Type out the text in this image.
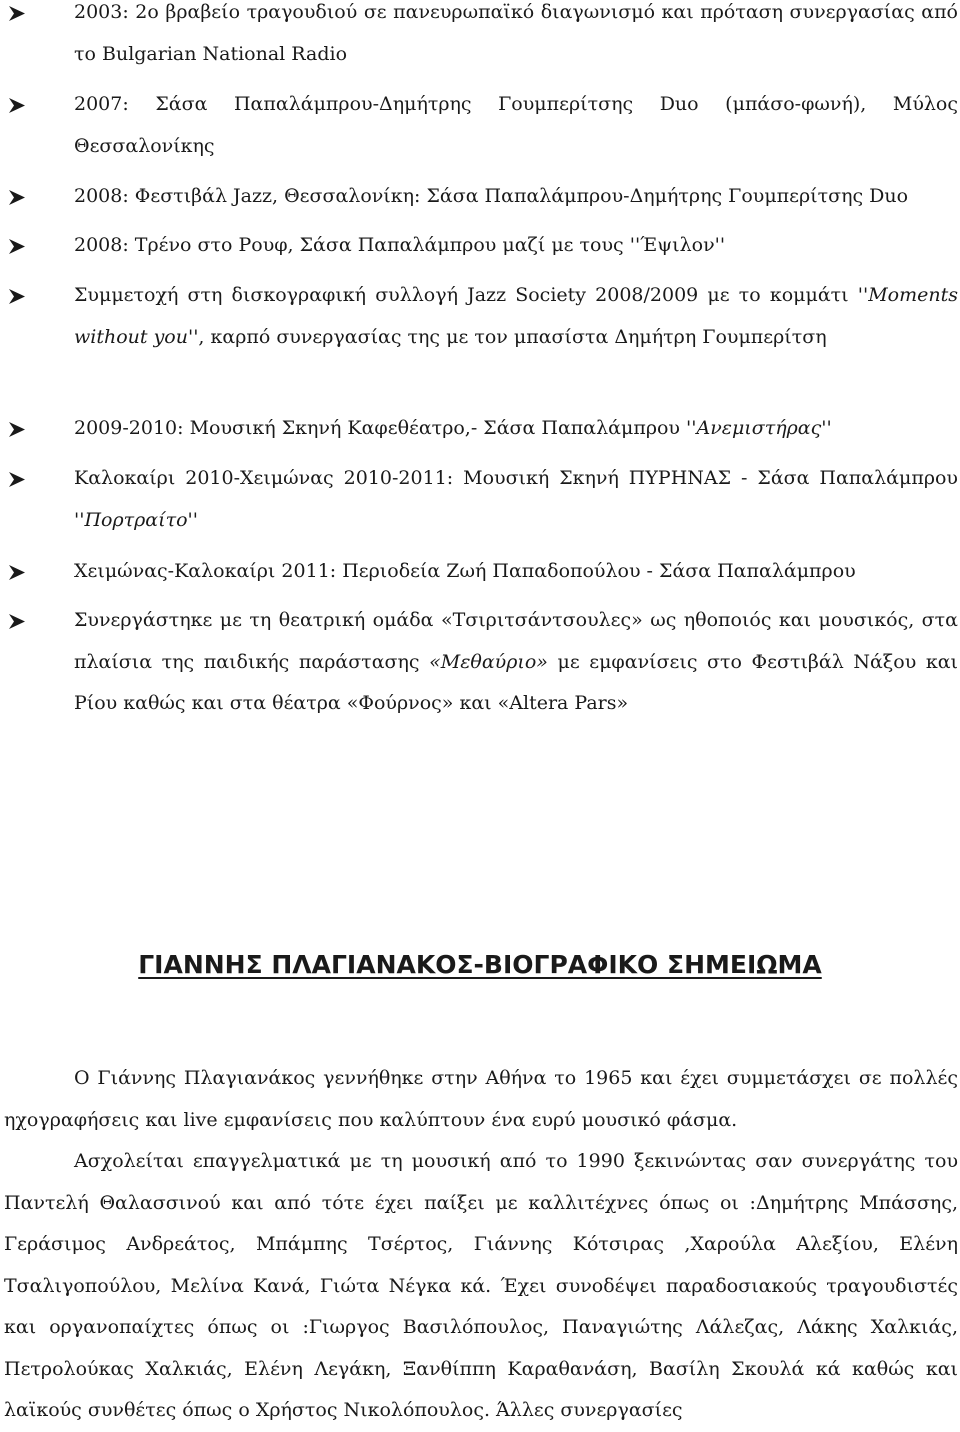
2003: 2ο βραβείο τραγουδιού σε πανευρωπαϊκό διαγωνισμό και πρόταση συνεργασίας από το Bulgarian National Radio
2007: Σάσα Παπαλάμπρου-Δημήτρης Γουμπερίτσης Duo (μπάσο-φωνή), Μύλος Θεσσαλονίκης
2008: Φεστιβάλ Jazz, Θεσσαλονίκη: Σάσα Παπαλάμπρου-Δημήτρης Γουμπερίτσης Duo
2008: Τρένο στο Ρουφ, Σάσα Παπαλάμπρου μαζί με τους ''Έψιλον''
Συμμετοχή στη δισκογραφική συλλογή Jazz Society 2008/2009 με το κομμάτι ''Moments without you'', καρπό συνεργασίας της με τον μπασίστα Δημήτρη Γουμπερίτση
2009-2010: Μουσική Σκηνή Καφεθέατρο,- Σάσα Παπαλάμπρου ''Ανεμιστήρας''
Καλοκαίρι 2010-Χειμώνας 2010-2011: Μουσική Σκηνή ΠΥΡΗΝΑΣ - Σάσα Παπαλάμπρου ''Πορτραίτο''
Χειμώνας-Καλοκαίρι 2011: Περιοδεία Ζωή Παπαδοπούλου - Σάσα Παπαλάμπρου
Συνεργάστηκε με τη θεατρική ομάδα «Τσιριτσάντσουλες» ως ηθοποιός και μουσικός, στα πλαίσια της παιδικής παράστασης «Μεθαύριο» με εμφανίσεις στο Φεστιβάλ Νάξου και Ρίου καθώς και στα θέατρα «Φούρνος» και «Altera Pars»
ΓΙΑΝΝΗΣ ΠΛΑΓΙΑΝΑΚΟΣ-ΒΙΟΓΡΑΦΙΚΟ ΣΗΜΕΙΩΜΑ

Ο Γιάννης Πλαγιανάκος γεννήθηκε στην Αθήνα το 1965 και έχει συμμετάσχει σε πολλές ηχογραφήσεις και live εμφανίσεις που καλύπτουν ένα ευρύ μουσικό φάσμα.

Ασχολείται επαγγελματικά με τη μουσική από το 1990 ξεκινώντας σαν συνεργάτης του Παντελή Θαλασσινού και από τότε έχει παίξει με καλλιτέχνες όπως οι :Δημήτρης Μπάσσης, Γεράσιμος Ανδρεάτος, Μπάμπης Τσέρτος, Γιάννης Κότσιρας ,Χαρούλα Αλεξίου, Ελένη Τσαλιγοπούλου, Μελίνα Κανά, Γιώτα Νέγκα κά. Έχει συνοδέψει παραδοσιακούς τραγουδιστές και οργανοπαίχτες όπως οι :Γιωργος Βασιλόπουλος, Παναγιώτης Λάλεζας, Λάκης Χαλκιάς, Πετρολούκας Χαλκιάς, Ελένη Λεγάκη, Ξανθίππη Καραθανάση, Βασίλη Σκουλά κά καθώς και λαϊκούς συνθέτες όπως ο Χρήστος Νικολόπουλος. Άλλες συνεργασίες
